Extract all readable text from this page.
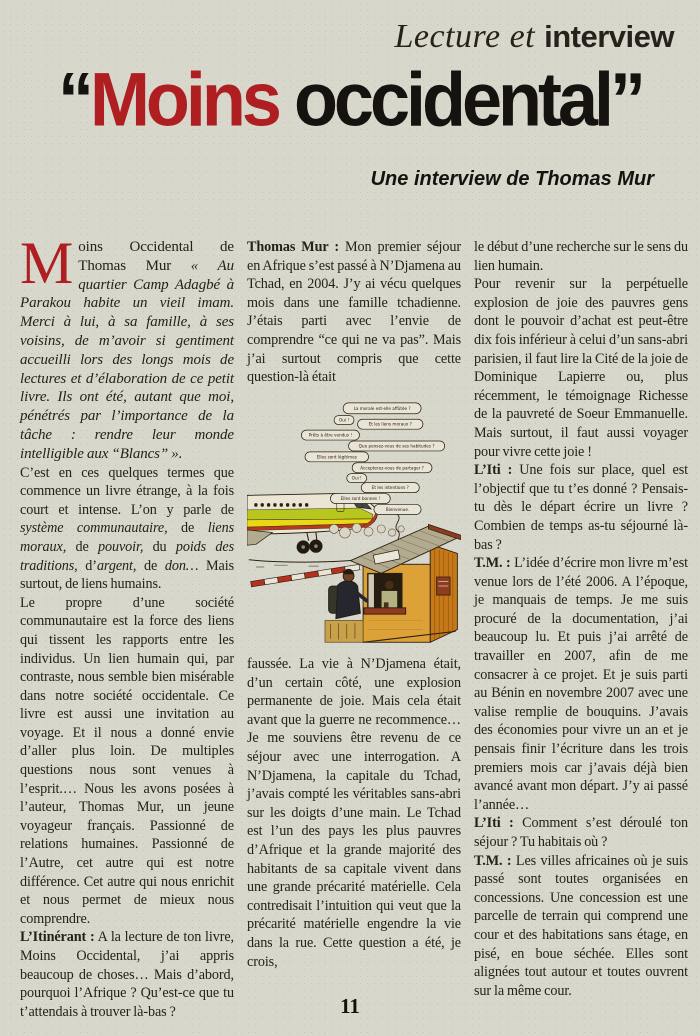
Lecture et interview
“Moins occidental”
Une interview de Thomas Mur

Moins Occidental de Thomas Mur « Au quartier Camp Adagbé à Parakou habite un vieil imam. Merci à lui, à sa famille, à ses voisins, de m’avoir si gentiment accueilli lors des longs mois de lectures et d’élaboration de ce petit livre. Ils ont été, autant que moi, pénétrés par l’importance de la tâche : rendre leur monde intelligible aux “Blancs” ».

C’est en ces quelques termes que commence un livre étrange, à la fois court et intense. L’on y parle de système communautaire, de liens moraux, de pouvoir, du poids des traditions, d’argent, de don… Mais surtout, de liens humains.

Le propre d’une société communautaire est la force des liens qui tissent les rapports entre les individus. Un lien humain qui, par contraste, nous semble bien misérable dans notre société occidentale. Ce livre est aussi une invitation au voyage. Et il nous a donné envie d’aller plus loin. De multiples questions nous sont venues à l’esprit.… Nous les avons posées à l’auteur, Thomas Mur, un jeune voyageur français. Passionné de relations humaines. Passionné de l’Autre, cet autre qui est notre différence. Cet autre qui nous enrichit et nous permet de mieux nous comprendre.

L’Itinérant : A la lecture de ton livre, Moins Occidental, j’ai appris beaucoup de choses… Mais d’abord, pourquoi l’Afrique ? Qu’est-ce que tu t’attendais à trouver là-bas ?

Thomas Mur : Mon premier séjour en Afrique s’est passé à N’Djamena au Tchad, en 2004. J’y ai vécu quelques mois dans une famille tchadienne. J’étais parti avec l’envie de comprendre “ce qui ne va pas”. Mais j’ai surtout compris que cette question-là était

La morale est-elle affûtée ?
Oui !
Et les liens moraux ?
Prêts à être vendus !
Que pensez-vous de ses habitudes ?
Elles sont légitimes
Accepterez-vous de partager ?
Oui !
Et les intentions ?
Elles sont bonnes !
Bienvenue.

faussée. La vie à N’Djamena était, d’un certain côté, une explosion permanente de joie. Mais cela était avant que la guerre ne recommence… Je me souviens être revenu de ce séjour avec une interrogation. A N’Djamena, la capitale du Tchad, j’avais compté les véritables sans-abri sur les doigts d’une main. Le Tchad est l’un des pays les plus pauvres d’Afrique et la grande majorité des habitants de sa capitale vivent dans une grande précarité matérielle. Cela contredisait l’intuition qui veut que la précarité matérielle engendre la vie dans la rue. Cette question a été, je crois,

le début d’une recherche sur le sens du lien humain.

Pour revenir sur la perpétuelle explosion de joie des pauvres gens dont le pouvoir d’achat est peut-être dix fois inférieur à celui d’un sans-abri parisien, il faut lire la Cité de la joie de Dominique Lapierre ou, plus récemment, le témoignage Richesse de la pauvreté de Soeur Emmanuelle. Mais surtout, il faut aussi voyager pour vivre cette joie !

L’Iti : Une fois sur place, quel est l’objectif que tu t’es donné ? Pensais-tu dès le départ écrire un livre ? Combien de temps as-tu séjourné là-bas ?

T.M. : L’idée d’écrire mon livre m’est venue lors de l’été 2006. A l’époque, je manquais de temps. Je me suis procuré de la documentation, j’ai beaucoup lu. Et puis j’ai arrêté de travailler en 2007, afin de me consacrer à ce projet. Et je suis parti au Bénin en novembre 2007 avec une valise remplie de bouquins. J’avais des économies pour vivre un an et je pensais finir l’écriture dans les trois premiers mois car j’avais déjà bien avancé avant mon départ. J’y ai passé l’année…

L’Iti : Comment s’est déroulé ton séjour ? Tu habitais où ?

T.M. : Les villes africaines où je suis passé sont toutes organisées en concessions. Une concession est une parcelle de terrain qui comprend une cour et des habitations sans étage, en pisé, en boue séchée. Elles sont alignées tout autour et toutes ouvrent sur la même cour.

11
